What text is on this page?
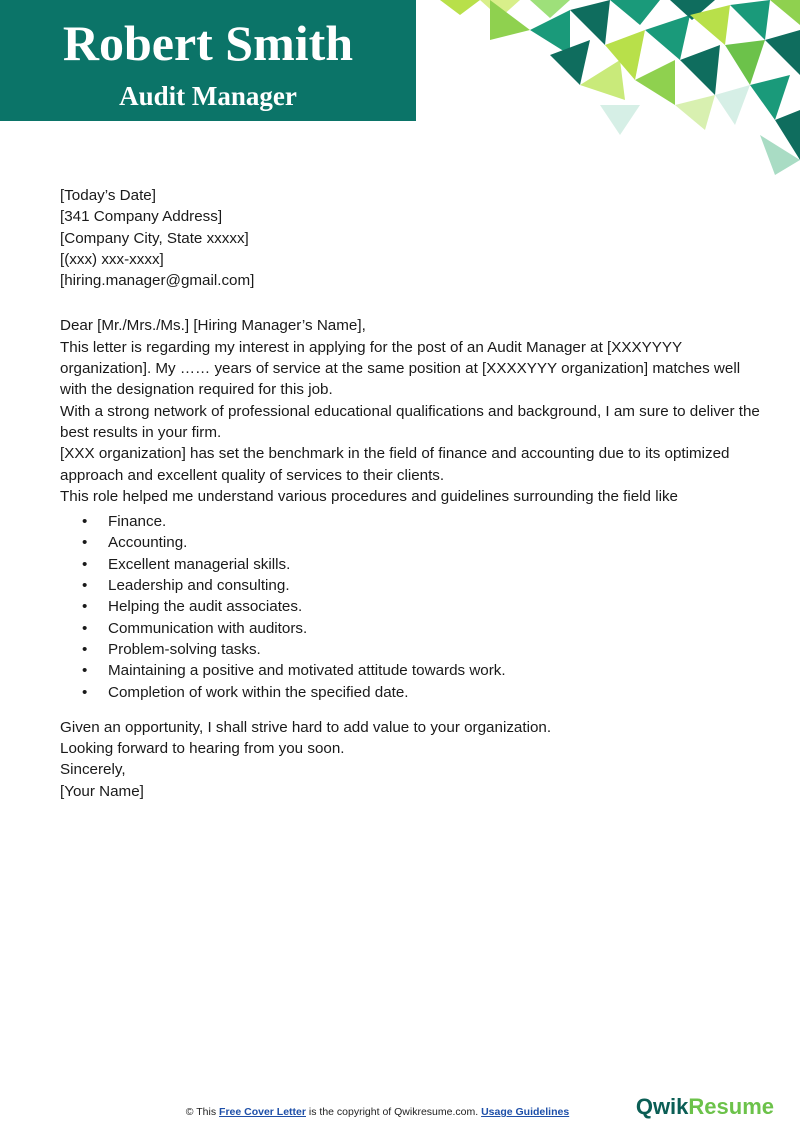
Robert Smith
Audit Manager

[Today’s Date]

[341 Company Address]

[Company City, State xxxxx]

[(xxx) xxx-xxxx]

[hiring.manager@gmail.com]

Dear [Mr./Mrs./Ms.] [Hiring Manager’s Name],

This letter is regarding my interest in applying for the post of an Audit Manager at [XXXYYYY organization]. My …… years of service at the same position at [XXXXYYY organization] matches well with the designation required for this job.

With a strong network of professional educational qualifications and background, I am sure to deliver the best results in your firm.

[XXX organization] has set the benchmark in the field of finance and accounting due to its optimized approach and excellent quality of services to their clients.

This role helped me understand various procedures and guidelines surrounding the field like

• Finance.
• Accounting.
• Excellent managerial skills.
• Leadership and consulting.
• Helping the audit associates.
• Communication with auditors.
• Problem-solving tasks.
• Maintaining a positive and motivated attitude towards work.
• Completion of work within the specified date.

Given an opportunity, I shall strive hard to add value to your organization.

Looking forward to hearing from you soon.

Sincerely,

[Your Name]

© This Free Cover Letter is the copyright of Qwikresume.com. Usage Guidelines	QwikResume
